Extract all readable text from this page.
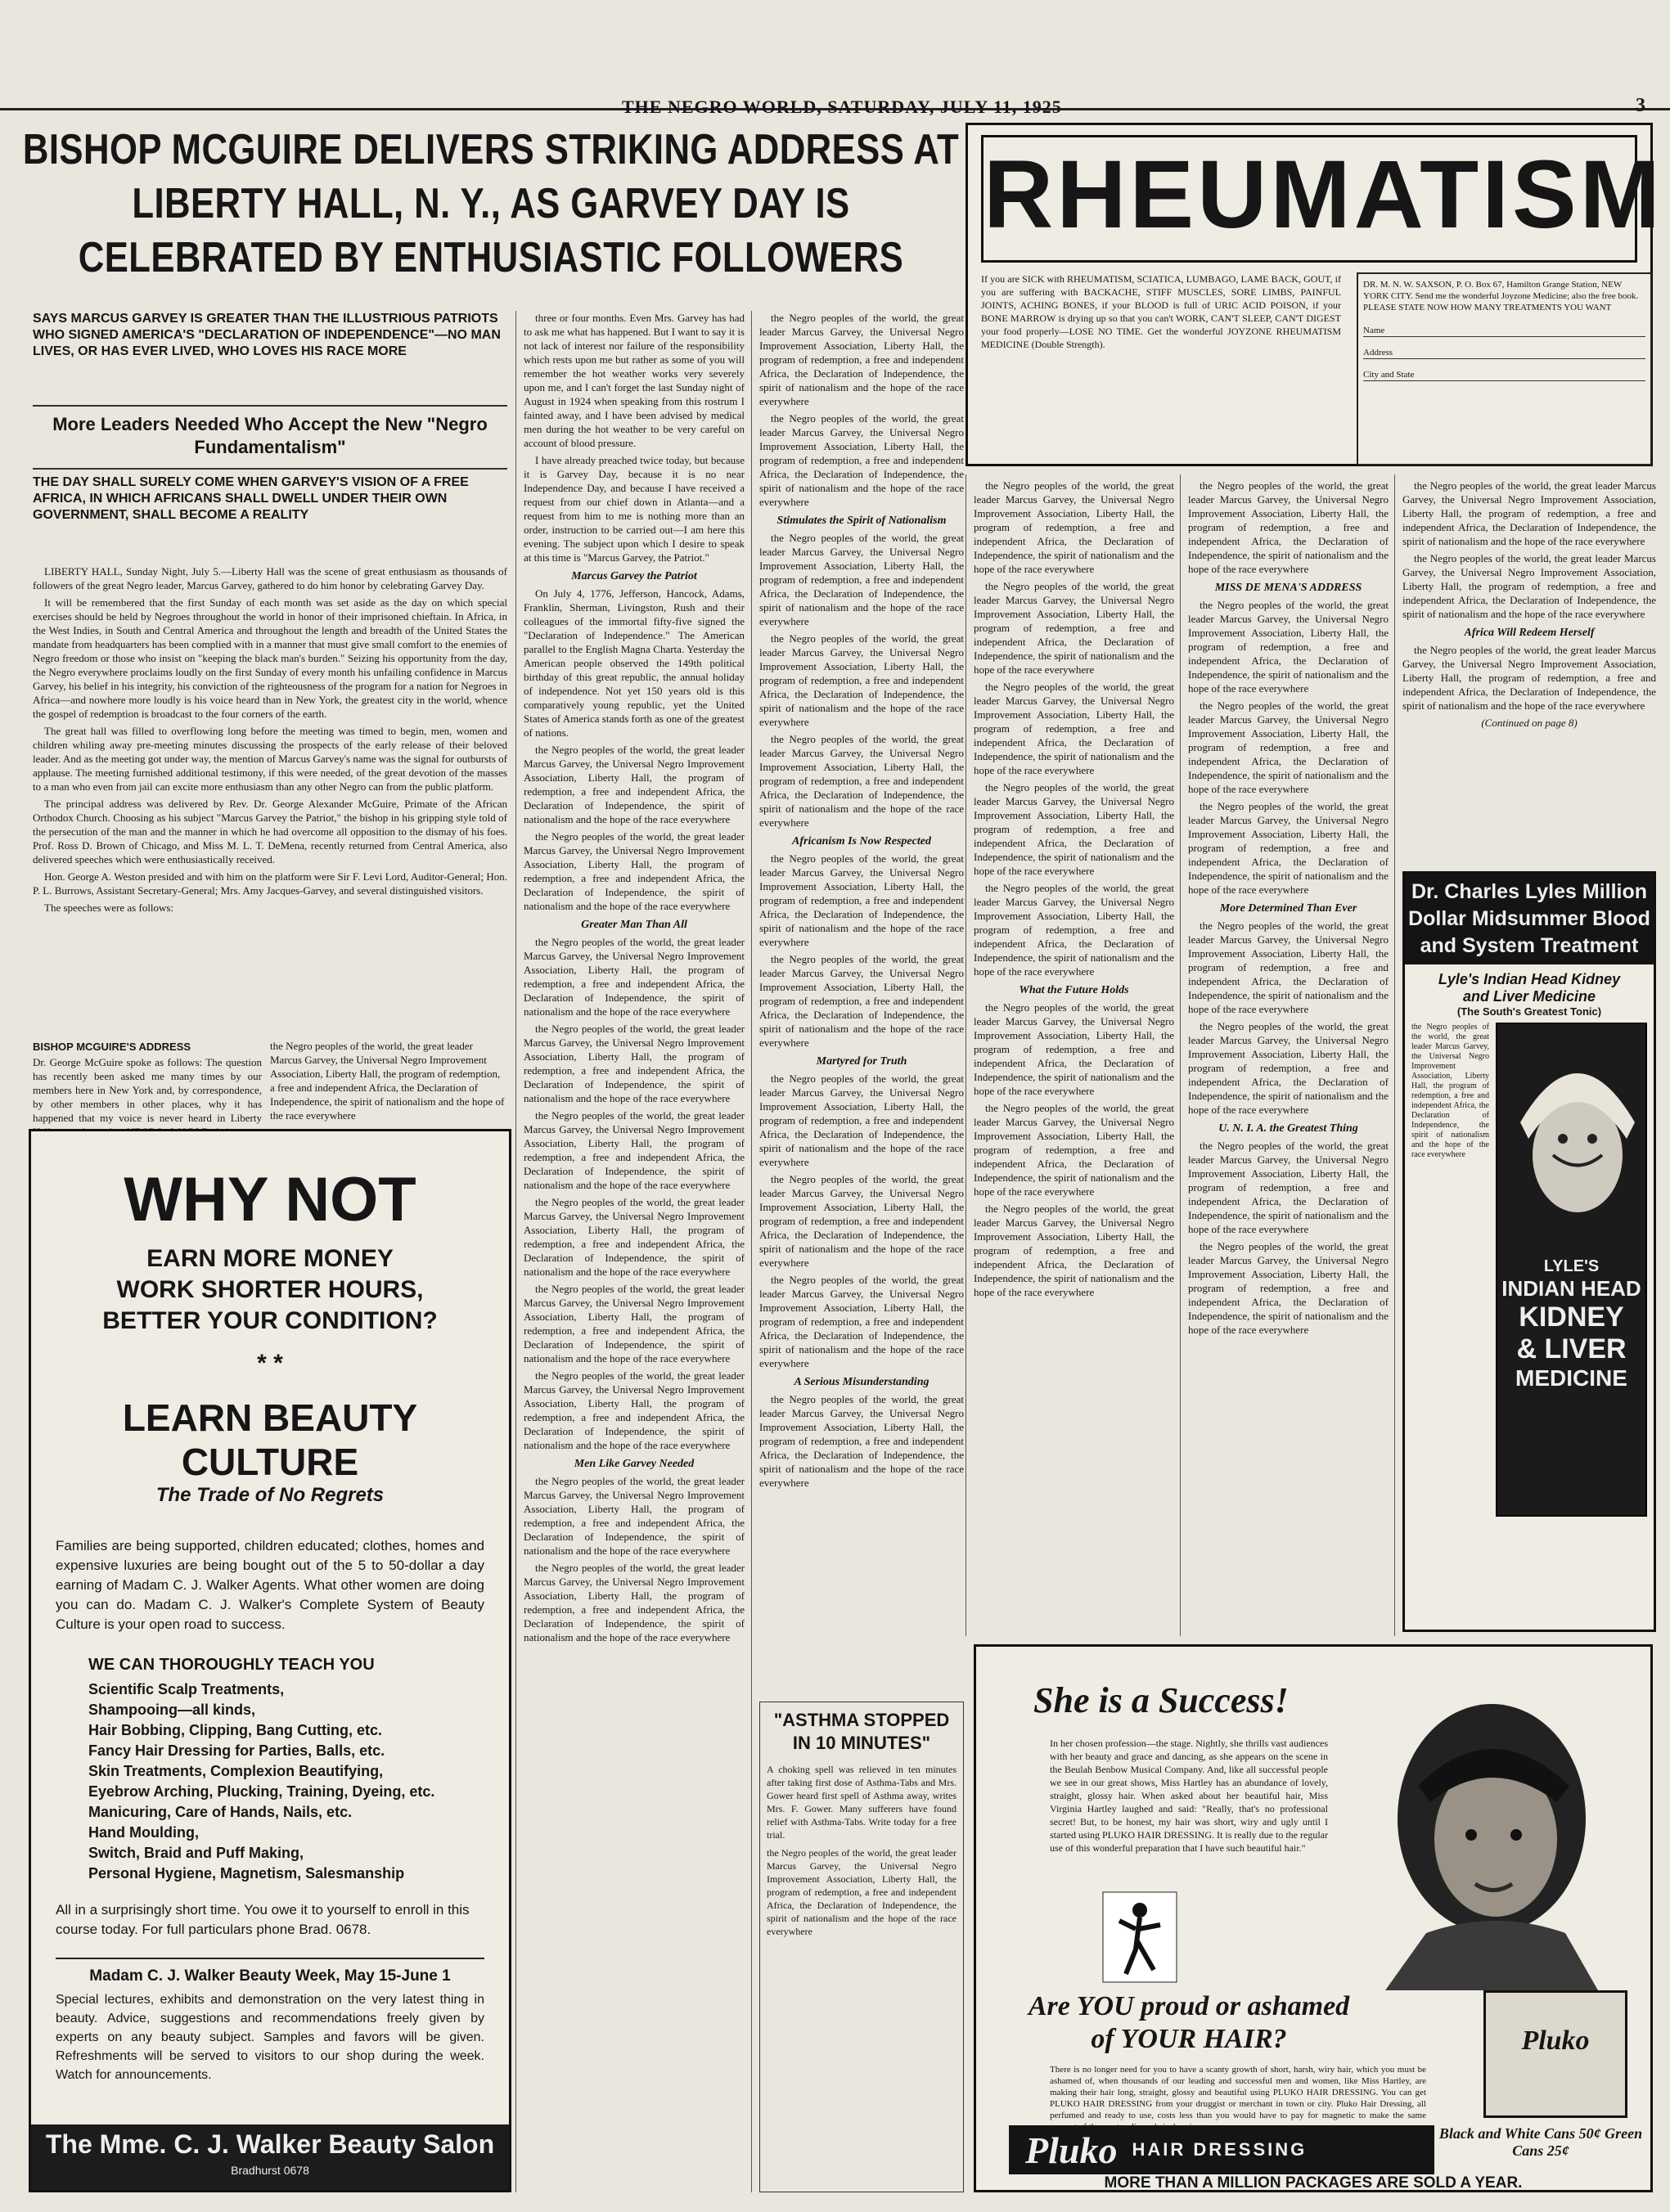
THE NEGRO WORLD, SATURDAY, JULY 11, 1925	3
BISHOP MCGUIRE DELIVERS STRIKING ADDRESS AT LIBERTY HALL, N. Y., AS GARVEY DAY IS CELEBRATED BY ENTHUSIASTIC FOLLOWERS
SAYS MARCUS GARVEY IS GREATER THAN THE ILLUSTRIOUS PATRIOTS WHO SIGNED AMERICA'S "DECLARATION OF INDEPENDENCE"—NO MAN LIVES, OR HAS EVER LIVED, WHO LOVES HIS RACE MORE
More Leaders Needed Who Accept the New "Negro Fundamentalism"
THE DAY SHALL SURELY COME WHEN GARVEY'S VISION OF A FREE AFRICA, IN WHICH AFRICANS SHALL DWELL UNDER THEIR OWN GOVERNMENT, SHALL BECOME A REALITY

LIBERTY HALL, Sunday Night, July 5.—Liberty Hall was the scene of great enthusiasm as thousands of followers of the great Negro leader, Marcus Garvey, gathered to do him honor by celebrating Garvey Day.

It will be remembered that the first Sunday of each month was set aside as the day on which special exercises should be held by Negroes throughout the world in honor of their imprisoned chieftain. In Africa, in the West Indies, in South and Central America and throughout the length and breadth of the United States the mandate from headquarters has been complied with in a manner that must give small comfort to the enemies of Negro freedom or those who insist on "keeping the black man's burden." Seizing his opportunity from the day, the Negro everywhere proclaims loudly on the first Sunday of every month his unfailing confidence in Marcus Garvey, his belief in his integrity, his conviction of the righteousness of the program for a nation for Negroes in Africa—and nowhere more loudly is his voice heard than in New York, the greatest city in the world, whence the gospel of redemption is broadcast to the four corners of the earth.

The great hall was filled to overflowing long before the meeting was timed to begin, men, women and children whiling away pre-meeting minutes discussing the prospects of the early release of their beloved leader. And as the meeting got under way, the mention of Marcus Garvey's name was the signal for outbursts of applause. The meeting furnished additional testimony, if this were needed, of the great devotion of the masses to a man who even from jail can excite more enthusiasm than any other Negro can from the public platform.

The principal address was delivered by Rev. Dr. George Alexander McGuire, Primate of the African Orthodox Church. Choosing as his subject "Marcus Garvey the Patriot," the bishop in his gripping style told of the persecution of the man and the manner in which he had overcome all opposition to the dismay of his foes. Prof. Ross D. Brown of Chicago, and Miss M. L. T. DeMena, recently returned from Central America, also delivered speeches which were enthusiastically received.

Hon. George A. Weston presided and with him on the platform were Sir F. Levi Lord, Auditor-General; Hon. P. L. Burrows, Assistant Secretary-General; Mrs. Amy Jacques-Garvey, and several distinguished visitors.

The speeches were as follows:

BISHOP MCGUIRE'S ADDRESS
Dr. George McGuire spoke as follows: The question has recently been asked me many times by our members here in New York and, by correspondence, by other members in other places, why it has happened that my voice is never heard in Liberty
the Negro peoples of the world, the great leader Marcus Garvey, the Universal Negro Improvement Association, Liberty Hall, the program of redemption, a free and independent Africa, the Declaration of Independence, the spirit of nationalism and the hope of the race everywhere
WHY NOT
EARN MORE MONEY
WORK SHORTER HOURS,
BETTER YOUR CONDITION?
* *
LEARN BEAUTY CULTURE
The Trade of No Regrets
Families are being supported, children educated; clothes, homes and expensive luxuries are being bought out of the 5 to 50-dollar a day earning of Madam C. J. Walker Agents. What other women are doing you can do. Madam C. J. Walker's Complete System of Beauty Culture is your open road to success.
WE CAN THOROUGHLY TEACH YOU
Scientific Scalp Treatments,
Shampooing—all kinds,
Hair Bobbing, Clipping, Bang Cutting, etc.
Fancy Hair Dressing for Parties, Balls, etc.
Skin Treatments, Complexion Beautifying,
Eyebrow Arching, Plucking, Training, Dyeing, etc.
Manicuring, Care of Hands, Nails, etc.
Hand Moulding,
Switch, Braid and Puff Making,
Personal Hygiene, Magnetism, Salesmanship
All in a surprisingly short time. You owe it to yourself to enroll in this course today. For full particulars phone Brad. 0678.
Madam C. J. Walker Beauty Week, May 15-June 1
Special lectures, exhibits and demonstration on the very latest thing in beauty. Advice, suggestions and recommendations freely given by experts on any beauty subject. Samples and favors will be given. Refreshments will be served to visitors to our shop during the week. Watch for announcements.
The Mme. C. J. Walker Beauty Salon
Bradhurst 0678

three or four months. Even Mrs. Garvey has had to ask me what has happened. But I want to say it is not lack of interest nor failure of the responsibility which rests upon me but rather as some of you will remember the hot weather works very severely upon me, and I can't forget the last Sunday night of August in 1924 when speaking from this rostrum I fainted away, and I have been advised by medical men during the hot weather to be very careful on account of blood pressure.

I have already preached twice today, but because it is Garvey Day, because it is no near Independence Day, and because I have received a request from our chief down in Atlanta—and a request from him to me is nothing more than an order, instruction to be carried out—I am here this evening. The subject upon which I desire to speak at this time is "Marcus Garvey, the Patriot."

Marcus Garvey the Patriot

On July 4, 1776, Jefferson, Hancock, Adams, Franklin, Sherman, Livingston, Rush and their colleagues of the immortal fifty-five signed the "Declaration of Independence." The American parallel to the English Magna Charta. Yesterday the American people observed the 149th political birthday of this great republic, the annual holiday of independence. Not yet 150 years old is this comparatively young republic, yet the United States of America stands forth as one of the greatest of nations.

the Negro peoples of the world, the great leader Marcus Garvey, the Universal Negro Improvement Association, Liberty Hall, the program of redemption, a free and independent Africa, the Declaration of Independence, the spirit of nationalism and the hope of the race everywhere

the Negro peoples of the world, the great leader Marcus Garvey, the Universal Negro Improvement Association, Liberty Hall, the program of redemption, a free and independent Africa, the Declaration of Independence, the spirit of nationalism and the hope of the race everywhere

Greater Man Than All

the Negro peoples of the world, the great leader Marcus Garvey, the Universal Negro Improvement Association, Liberty Hall, the program of redemption, a free and independent Africa, the Declaration of Independence, the spirit of nationalism and the hope of the race everywhere

the Negro peoples of the world, the great leader Marcus Garvey, the Universal Negro Improvement Association, Liberty Hall, the program of redemption, a free and independent Africa, the Declaration of Independence, the spirit of nationalism and the hope of the race everywhere

the Negro peoples of the world, the great leader Marcus Garvey, the Universal Negro Improvement Association, Liberty Hall, the program of redemption, a free and independent Africa, the Declaration of Independence, the spirit of nationalism and the hope of the race everywhere

the Negro peoples of the world, the great leader Marcus Garvey, the Universal Negro Improvement Association, Liberty Hall, the program of redemption, a free and independent Africa, the Declaration of Independence, the spirit of nationalism and the hope of the race everywhere

the Negro peoples of the world, the great leader Marcus Garvey, the Universal Negro Improvement Association, Liberty Hall, the program of redemption, a free and independent Africa, the Declaration of Independence, the spirit of nationalism and the hope of the race everywhere

the Negro peoples of the world, the great leader Marcus Garvey, the Universal Negro Improvement Association, Liberty Hall, the program of redemption, a free and independent Africa, the Declaration of Independence, the spirit of nationalism and the hope of the race everywhere

Men Like Garvey Needed

the Negro peoples of the world, the great leader Marcus Garvey, the Universal Negro Improvement Association, Liberty Hall, the program of redemption, a free and independent Africa, the Declaration of Independence, the spirit of nationalism and the hope of the race everywhere

the Negro peoples of the world, the great leader Marcus Garvey, the Universal Negro Improvement Association, Liberty Hall, the program of redemption, a free and independent Africa, the Declaration of Independence, the spirit of nationalism and the hope of the race everywhere

the Negro peoples of the world, the great leader Marcus Garvey, the Universal Negro Improvement Association, Liberty Hall, the program of redemption, a free and independent Africa, the Declaration of Independence, the spirit of nationalism and the hope of the race everywhere

the Negro peoples of the world, the great leader Marcus Garvey, the Universal Negro Improvement Association, Liberty Hall, the program of redemption, a free and independent Africa, the Declaration of Independence, the spirit of nationalism and the hope of the race everywhere

Stimulates the Spirit of Nationalism

the Negro peoples of the world, the great leader Marcus Garvey, the Universal Negro Improvement Association, Liberty Hall, the program of redemption, a free and independent Africa, the Declaration of Independence, the spirit of nationalism and the hope of the race everywhere

the Negro peoples of the world, the great leader Marcus Garvey, the Universal Negro Improvement Association, Liberty Hall, the program of redemption, a free and independent Africa, the Declaration of Independence, the spirit of nationalism and the hope of the race everywhere

the Negro peoples of the world, the great leader Marcus Garvey, the Universal Negro Improvement Association, Liberty Hall, the program of redemption, a free and independent Africa, the Declaration of Independence, the spirit of nationalism and the hope of the race everywhere

Africanism Is Now Respected

the Negro peoples of the world, the great leader Marcus Garvey, the Universal Negro Improvement Association, Liberty Hall, the program of redemption, a free and independent Africa, the Declaration of Independence, the spirit of nationalism and the hope of the race everywhere

the Negro peoples of the world, the great leader Marcus Garvey, the Universal Negro Improvement Association, Liberty Hall, the program of redemption, a free and independent Africa, the Declaration of Independence, the spirit of nationalism and the hope of the race everywhere

Martyred for Truth

the Negro peoples of the world, the great leader Marcus Garvey, the Universal Negro Improvement Association, Liberty Hall, the program of redemption, a free and independent Africa, the Declaration of Independence, the spirit of nationalism and the hope of the race everywhere

the Negro peoples of the world, the great leader Marcus Garvey, the Universal Negro Improvement Association, Liberty Hall, the program of redemption, a free and independent Africa, the Declaration of Independence, the spirit of nationalism and the hope of the race everywhere

the Negro peoples of the world, the great leader Marcus Garvey, the Universal Negro Improvement Association, Liberty Hall, the program of redemption, a free and independent Africa, the Declaration of Independence, the spirit of nationalism and the hope of the race everywhere

A Serious Misunderstanding

the Negro peoples of the world, the great leader Marcus Garvey, the Universal Negro Improvement Association, Liberty Hall, the program of redemption, a free and independent Africa, the Declaration of Independence, the spirit of nationalism and the hope of the race everywhere

"ASTHMA STOPPED IN 10 MINUTES"
A choking spell was relieved in ten minutes after taking first dose of Asthma-Tabs and Mrs. Gower heard first spell of Asthma away, writes Mrs. F. Gower. Many sufferers have found relief with Asthma-Tabs. Write today for a free trial.
the Negro peoples of the world, the great leader Marcus Garvey, the Universal Negro Improvement Association, Liberty Hall, the program of redemption, a free and independent Africa, the Declaration of Independence, the spirit of nationalism and the hope of the race everywhere
RHEUMATISM
If you are SICK with RHEUMATISM, SCIATICA, LUMBAGO, LAME BACK, GOUT, if you are suffering with BACKACHE, STIFF MUSCLES, SORE LIMBS, PAINFUL JOINTS, ACHING BONES, if your BLOOD is full of URIC ACID POISON, if your BONE MARROW is drying up so that you can't WORK, CAN'T SLEEP, CAN'T DIGEST your food properly—LOSE NO TIME. Get the wonderful JOYZONE RHEUMATISM MEDICINE (Double Strength).
DR. M. N. W. SAXSON, P. O. Box 67, Hamilton Grange Station, NEW YORK CITY. Send me the wonderful Joyzone Medicine; also the free book. PLEASE STATE NOW HOW MANY TREATMENTS YOU WANT
Name
Address
City and State

the Negro peoples of the world, the great leader Marcus Garvey, the Universal Negro Improvement Association, Liberty Hall, the program of redemption, a free and independent Africa, the Declaration of Independence, the spirit of nationalism and the hope of the race everywhere

the Negro peoples of the world, the great leader Marcus Garvey, the Universal Negro Improvement Association, Liberty Hall, the program of redemption, a free and independent Africa, the Declaration of Independence, the spirit of nationalism and the hope of the race everywhere

the Negro peoples of the world, the great leader Marcus Garvey, the Universal Negro Improvement Association, Liberty Hall, the program of redemption, a free and independent Africa, the Declaration of Independence, the spirit of nationalism and the hope of the race everywhere

the Negro peoples of the world, the great leader Marcus Garvey, the Universal Negro Improvement Association, Liberty Hall, the program of redemption, a free and independent Africa, the Declaration of Independence, the spirit of nationalism and the hope of the race everywhere

the Negro peoples of the world, the great leader Marcus Garvey, the Universal Negro Improvement Association, Liberty Hall, the program of redemption, a free and independent Africa, the Declaration of Independence, the spirit of nationalism and the hope of the race everywhere

What the Future Holds

the Negro peoples of the world, the great leader Marcus Garvey, the Universal Negro Improvement Association, Liberty Hall, the program of redemption, a free and independent Africa, the Declaration of Independence, the spirit of nationalism and the hope of the race everywhere

the Negro peoples of the world, the great leader Marcus Garvey, the Universal Negro Improvement Association, Liberty Hall, the program of redemption, a free and independent Africa, the Declaration of Independence, the spirit of nationalism and the hope of the race everywhere

the Negro peoples of the world, the great leader Marcus Garvey, the Universal Negro Improvement Association, Liberty Hall, the program of redemption, a free and independent Africa, the Declaration of Independence, the spirit of nationalism and the hope of the race everywhere

the Negro peoples of the world, the great leader Marcus Garvey, the Universal Negro Improvement Association, Liberty Hall, the program of redemption, a free and independent Africa, the Declaration of Independence, the spirit of nationalism and the hope of the race everywhere

MISS DE MENA'S ADDRESS

the Negro peoples of the world, the great leader Marcus Garvey, the Universal Negro Improvement Association, Liberty Hall, the program of redemption, a free and independent Africa, the Declaration of Independence, the spirit of nationalism and the hope of the race everywhere

the Negro peoples of the world, the great leader Marcus Garvey, the Universal Negro Improvement Association, Liberty Hall, the program of redemption, a free and independent Africa, the Declaration of Independence, the spirit of nationalism and the hope of the race everywhere

the Negro peoples of the world, the great leader Marcus Garvey, the Universal Negro Improvement Association, Liberty Hall, the program of redemption, a free and independent Africa, the Declaration of Independence, the spirit of nationalism and the hope of the race everywhere

More Determined Than Ever

the Negro peoples of the world, the great leader Marcus Garvey, the Universal Negro Improvement Association, Liberty Hall, the program of redemption, a free and independent Africa, the Declaration of Independence, the spirit of nationalism and the hope of the race everywhere

the Negro peoples of the world, the great leader Marcus Garvey, the Universal Negro Improvement Association, Liberty Hall, the program of redemption, a free and independent Africa, the Declaration of Independence, the spirit of nationalism and the hope of the race everywhere

U. N. I. A. the Greatest Thing

the Negro peoples of the world, the great leader Marcus Garvey, the Universal Negro Improvement Association, Liberty Hall, the program of redemption, a free and independent Africa, the Declaration of Independence, the spirit of nationalism and the hope of the race everywhere

the Negro peoples of the world, the great leader Marcus Garvey, the Universal Negro Improvement Association, Liberty Hall, the program of redemption, a free and independent Africa, the Declaration of Independence, the spirit of nationalism and the hope of the race everywhere

the Negro peoples of the world, the great leader Marcus Garvey, the Universal Negro Improvement Association, Liberty Hall, the program of redemption, a free and independent Africa, the Declaration of Independence, the spirit of nationalism and the hope of the race everywhere

the Negro peoples of the world, the great leader Marcus Garvey, the Universal Negro Improvement Association, Liberty Hall, the program of redemption, a free and independent Africa, the Declaration of Independence, the spirit of nationalism and the hope of the race everywhere

Africa Will Redeem Herself

the Negro peoples of the world, the great leader Marcus Garvey, the Universal Negro Improvement Association, Liberty Hall, the program of redemption, a free and independent Africa, the Declaration of Independence, the spirit of nationalism and the hope of the race everywhere

(Continued on page 8)
Dr. Charles Lyles Million
Dollar Midsummer Blood
and System Treatment
Lyle's Indian Head Kidney
and Liver Medicine
(The South's Greatest Tonic)
the Negro peoples of the world, the great leader Marcus Garvey, the Universal Negro Improvement Association, Liberty Hall, the program of redemption, a free and independent Africa, the Declaration of Independence, the spirit of nationalism and the hope of the race everywhere
LYLE'S
INDIAN HEAD
KIDNEY
& LIVER
MEDICINE
She is a Success!
In her chosen profession—the stage. Nightly, she thrills vast audiences with her beauty and grace and dancing, as she appears on the scene in the Beulah Benbow Musical Company. And, like all successful people we see in our great shows, Miss Hartley has an abundance of lovely, straight, glossy hair. When asked about her beautiful hair, Miss Virginia Hartley laughed and said: "Really, that's no professional secret! But, to be honest, my hair was short, wiry and ugly until I started using PLUKO HAIR DRESSING. It is really due to the regular use of this wonderful preparation that I have such beautiful hair."
Are YOU proud or ashamed of YOUR HAIR?
There is no longer need for you to have a scanty growth of short, harsh, wiry hair, which you must be ashamed of, when thousands of our leading and successful men and women, like Miss Hartley, are making their hair long, straight, glossy and beautiful using PLUKO HAIR DRESSING. You can get PLUKO HAIR DRESSING from your druggist or merchant in town or city. Pluko Hair Dressing, all perfumed and ready to use, costs less than you would have to pay for magnetic to make the same
Pluko
Pluko HAIR DRESSING
Black and White Cans 50¢ Green Cans 25¢
MORE THAN A MILLION PACKAGES ARE SOLD A YEAR.
